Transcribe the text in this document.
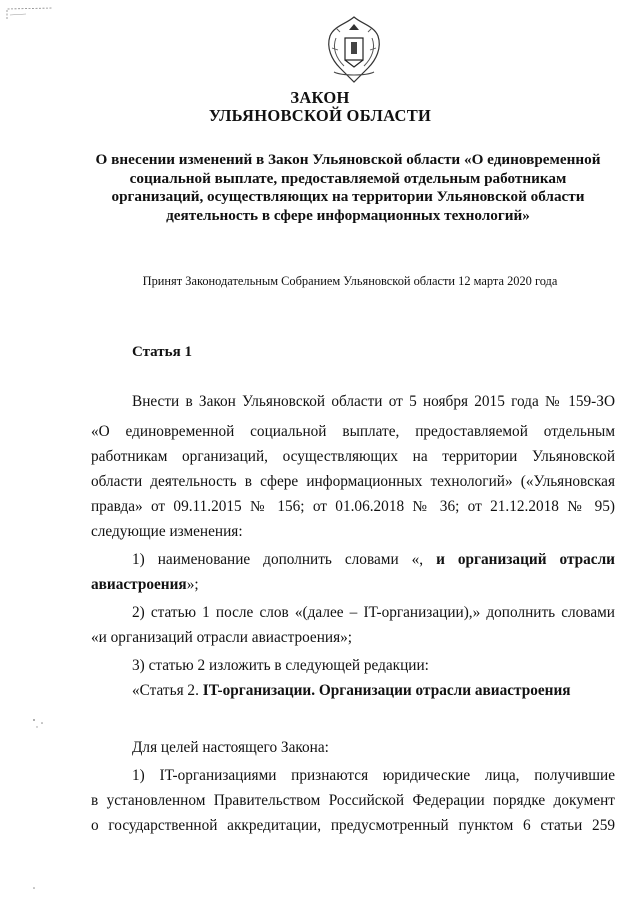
ЗАКОН
УЛЬЯНОВСКОЙ ОБЛАСТИ
О внесении изменений в Закон Ульяновской области «О единовременной
социальной выплате, предоставляемой отдельным работникам
организаций, осуществляющих на территории Ульяновской области
деятельность в сфере информационных технологий»
Принят Законодательным Собранием Ульяновской области 12 марта 2020 года
Статья 1
Внести в Закон Ульяновской области от 5 ноября 2015 года № 159-ЗО
«О единовременной социальной выплате, предоставляемой отдельным
работникам организаций, осуществляющих на территории Ульяновской
области деятельность в сфере информационных технологий» («Ульяновская
правда» от 09.11.2015 № 156; от 01.06.2018 № 36; от 21.12.2018 № 95)
следующие изменения:
1) наименование дополнить словами «, и организаций отрасли
авиастроения»;
2) статью 1 после слов «(далее – IT-организации),» дополнить словами
«и организаций отрасли авиастроения»;
3) статью 2 изложить в следующей редакции:
«Статья 2. IT-организации. Организации отрасли авиастроения
Для целей настоящего Закона:
1) IT-организациями признаются юридические лица, получившие
в установленном Правительством Российской Федерации порядке документ
о государственной аккредитации, предусмотренный пунктом 6 статьи 259
